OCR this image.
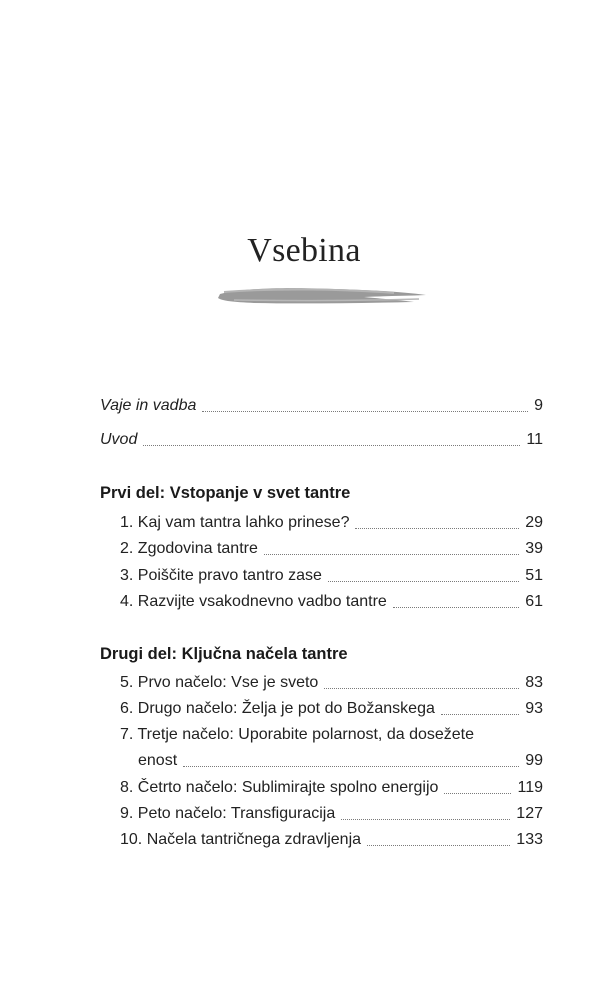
Vsebina
Vaje in vadba	9
Uvod	11
Prvi del: Vstopanje v svet tantre
1. Kaj vam tantra lahko prinese?	29
2. Zgodovina tantre	39
3. Poiščite pravo tantro zase	51
4. Razvijte vsakodnevno vadbo tantre	61
Drugi del: Ključna načela tantre
5. Prvo načelo: Vse je sveto	83
6. Drugo načelo: Želja je pot do Božanskega	93
7. Tretje načelo: Uporabite polarnost, da dosežete
enost	99
8. Četrto načelo: Sublimirajte spolno energijo	119
9. Peto načelo: Transfiguracija	127
10. Načela tantričnega zdravljenja	133
